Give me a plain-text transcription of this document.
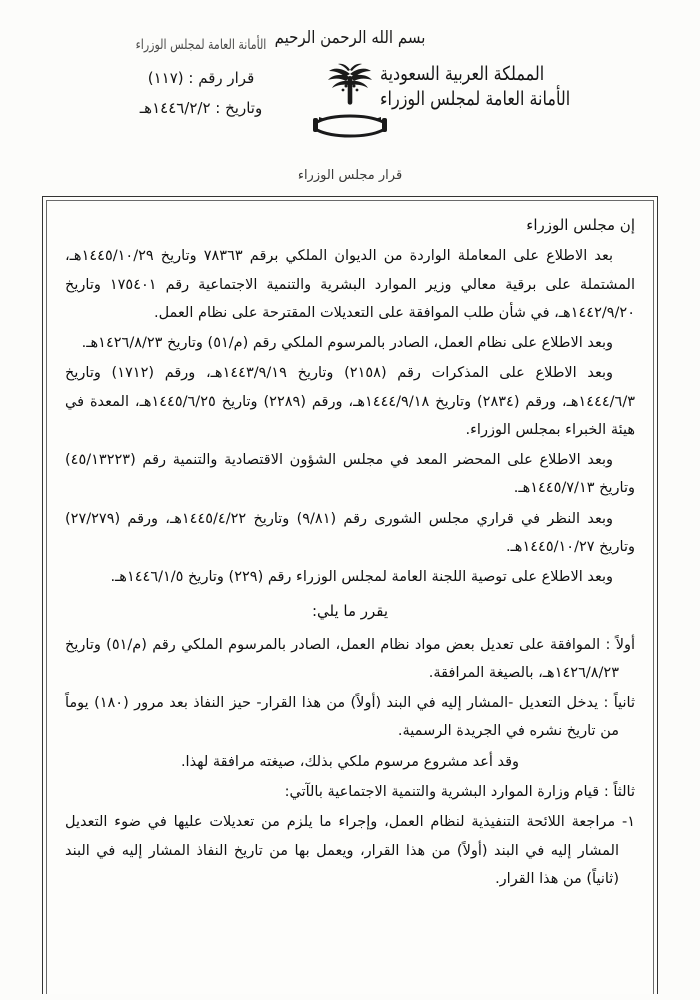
الأمانة العامة لمجلس الوزراء
قرار رقم : (١١٧)
وتاريخ : ١٤٤٦/٢/٢هـ
بسم الله الرحمن الرحيم
المملكة العربية السعودية
الأمانة العامة لمجلس الوزراء
قرار مجلس الوزراء
إن مجلس الوزراء
بعد الاطلاع على المعاملة الواردة من الديوان الملكي برقم ٧٨٣٦٣ وتاريخ ١٤٤٥/١٠/٢٩هـ، المشتملة على برقية معالي وزير الموارد البشرية والتنمية الاجتماعية رقم ١٧٥٤٠١ وتاريخ ١٤٤٢/٩/٢٠هـ، في شأن طلب الموافقة على التعديلات المقترحة على نظام العمل.
وبعد الاطلاع على نظام العمل، الصادر بالمرسوم الملكي رقم (م/٥١) وتاريخ ١٤٢٦/٨/٢٣هـ.
وبعد الاطلاع على المذكرات رقم (٢١٥٨) وتاريخ ١٤٤٣/٩/١٩هـ، ورقم (١٧١٢) وتاريخ ١٤٤٤/٦/٣هـ، ورقم (٢٨٣٤) وتاريخ ١٤٤٤/٩/١٨هـ، ورقم (٢٢٨٩) وتاريخ ١٤٤٥/٦/٢٥هـ، المعدة في هيئة الخبراء بمجلس الوزراء.
وبعد الاطلاع على المحضر المعد في مجلس الشؤون الاقتصادية والتنمية رقم (٤٥/١٣٢٢٣) وتاريخ ١٤٤٥/٧/١٣هـ.
وبعد النظر في قراري مجلس الشورى رقم (٩/٨١) وتاريخ ١٤٤٥/٤/٢٢هـ، ورقم (٢٧/٢٧٩) وتاريخ ١٤٤٥/١٠/٢٧هـ.
وبعد الاطلاع على توصية اللجنة العامة لمجلس الوزراء رقم (٢٢٩) وتاريخ ١٤٤٦/١/٥هـ.
يقرر ما يلي:
أولاً : الموافقة على تعديل بعض مواد نظام العمل، الصادر بالمرسوم الملكي رقم (م/٥١) وتاريخ ١٤٢٦/٨/٢٣هـ، بالصيغة المرافقة.
ثانياً : يدخل التعديل -المشار إليه في البند (أولاً) من هذا القرار- حيز النفاذ بعد مرور (١٨٠) يوماً من تاريخ نشره في الجريدة الرسمية.
وقد أعد مشروع مرسوم ملكي بذلك، صيغته مرافقة لهذا.
ثالثاً : قيام وزارة الموارد البشرية والتنمية الاجتماعية بالآتي:
١- مراجعة اللائحة التنفيذية لنظام العمل، وإجراء ما يلزم من تعديلات عليها في ضوء التعديل المشار إليه في البند (أولاً) من هذا القرار، ويعمل بها من تاريخ النفاذ المشار إليه في البند (ثانياً) من هذا القرار.
